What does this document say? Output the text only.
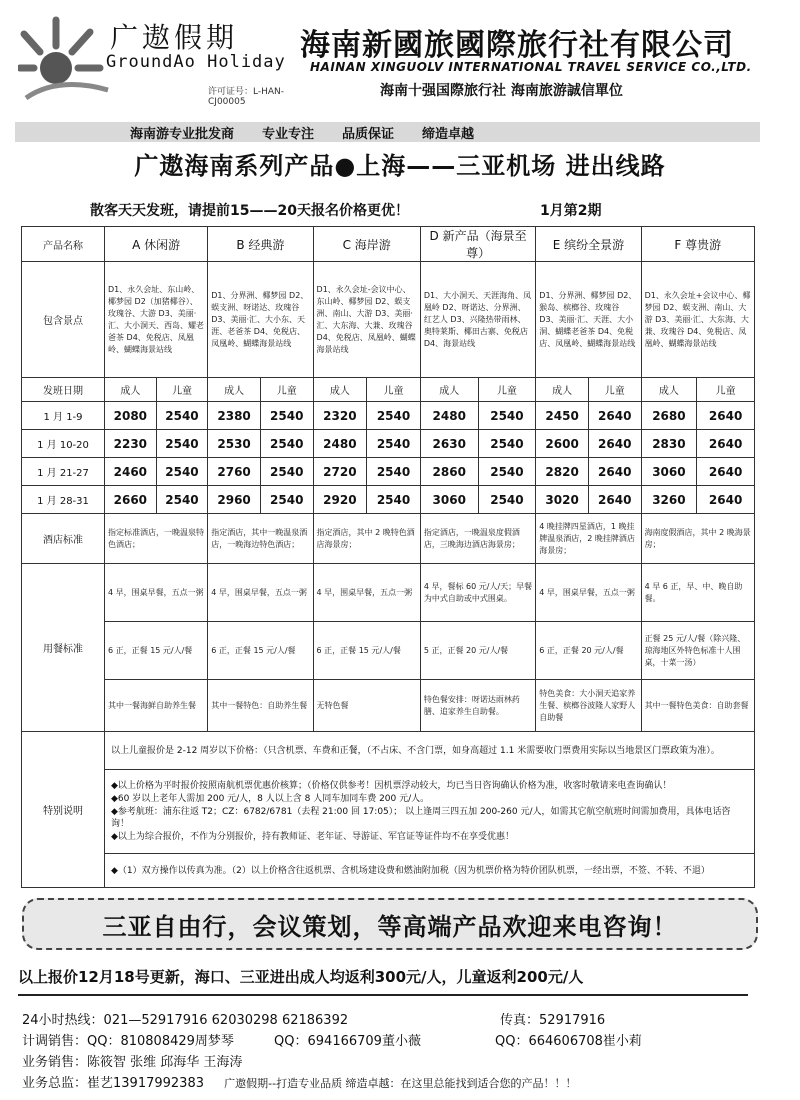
广遨假期
GroundAo Holiday
许可证号：L-HAN-CJ00005
海南新國旅國際旅行社有限公司
HAINAN XINGUOLV INTERNATIONAL TRAVEL SERVICE CO.,LTD.
海南十强国際旅行社 海南旅游誠信單位
海南游专业批发商 专业专注 品质保证 缔造卓越
广遨海南系列产品●上海——三亚机场 进出线路
散客天天发班，请提前15——20天报名价格更优！	1月第2期
产品名称	A 休闲游		B 经典游		C 海岸游		D 新产品（海景至尊）		E 缤纷全景游		F 尊贵游	
包含景点	D1、永久会址、东山岭、椰梦园 D2（加猪椰谷）、玫瑰谷、大游 D3、美丽·汇、大小洞天、西岛、耀老爸茶 D4、免税店、凤凰岭、蝴蝶海景站线		D1、分界洲、椰梦园 D2、蜈支洲、呀诺达、玫瑰谷 D3、美丽·汇、大小东、天涯、老爸茶 D4、免税店、凤凰岭、蝴蝶海景站线		D1、永久会址-会议中心、东山岭、椰梦园 D2、蜈支洲、南山、大游 D3、美丽·汇、大东海、大兼、玫瑰谷 D4、免税店、凤凰岭、蝴蝶海景站线		D1、大小洞天、天涯海角、凤凰岭 D2、呀诺达、分界洲、红艺人 D3、兴隆热带雨林、奥特莱斯、椰田古寨、免税店 D4、海景站线		D1、分界洲、椰梦园 D2、猴岛、槟榔谷、玫瑰谷 D3、美丽·汇、天涯、大小洞、蝴蝶老爸茶 D4、免税店、凤凰岭、蝴蝶海景站线		D1、永久会址+会议中心、椰梦园 D2、蜈支洲、南山、大游 D3、美丽·汇、大东海、大兼、玫瑰谷 D4、免税店、凤凰岭、蝴蝶海景站线	
发班日期	成人	儿童	成人	儿童	成人	儿童	成人	儿童	成人	儿童	成人	儿童
1 月 1-9	2080	2540	2380	2540	2320	2540	2480	2540	2450	2640	2680	2640
1 月 10-20	2230	2540	2530	2540	2480	2540	2630	2540	2600	2640	2830	2640
1 月 21-27	2460	2540	2760	2540	2720	2540	2860	2540	2820	2640	3060	2640
1 月 28-31	2660	2540	2960	2540	2920	2540	3060	2540	3020	2640	3260	2640
酒店标准	指定标准酒店，一晚温泉特色酒店；		指定酒店，其中一晚温泉酒店，一晚海边特色酒店；		指定酒店，其中 2 晚特色酒店海景房；		指定酒店，一晚温泉度假酒店，三晚海边酒店海景房；		4 晚挂牌四星酒店，1 晚挂牌温泉酒店，2 晚挂牌酒店海景房；		海南度假酒店，其中 2 晚海景房；	
用餐标准	4 早，围桌早餐，五点一粥		4 早，围桌早餐，五点一粥		4 早，围桌早餐，五点一粥		4 早，餐标 60 元/人/天；早餐为中式自助或中式围桌。		4 早，围桌早餐，五点一粥		4 早 6 正，早、中、晚自助餐。	
	6 正，正餐 15 元/人/餐		6 正，正餐 15 元/人/餐		6 正，正餐 15 元/人/餐		5 正，正餐 20 元/人/餐		6 正，正餐 20 元/人/餐		正餐 25 元/人/餐（除兴隆、琼海地区外特色标准十人围桌，十菜一汤）	
	其中一餐海鲜自助养生餐		其中一餐特色：自助养生餐		无特色餐		特色餐安排：呀诺达雨林药膳、追家养生自助餐。		特色美食：大小洞天追家养生餐、槟榔谷波隆人家野人自助餐		其中一餐特色美食：自助套餐	
特别说明	以上儿童报价是 2-12 周岁以下价格：（只含机票、车费和正餐，（不占床、不含门票，如身高超过 1.1 米需要收门票费用实际以当地景区门票政策为准）。											

	◆以上价格为平时报价按照南航机票优惠价核算；（价格仅供参考！因机票浮动较大，均已当日咨询确认价格为准，收客时敬请来电查询确认！
◆60 岁以上老年人需加 200 元/人，8 人以上含 8 人同车加同车费 200 元/人。
◆参考航班：浦东往返 T2；CZ：6782/6781（去程 21:00 回 17:05）； 以上逢周三四五加 200-260 元/人，如需其它航空航班时间需加费用，具体电话咨询！
◆以上为综合报价，不作为分别报价，持有教师证、老年证、导游证、军官证等证件均不在享受优惠！											

	◆（1）双方操作以传真为准。（2）以上价格含往返机票、含机场建设费和燃油附加税（因为机票价格为特价团队机票，一经出票，不签、不转、不退）											
三亚自由行，会议策划，等高端产品欢迎来电咨询！
以上报价12月18号更新，海口、三亚进出成人均返利300元/人，儿童返利200元/人
24小时热线：021—52917916 62030298 62186392	传真：52917916
计调销售：QQ：810808429周梦琴	QQ：694166709董小薇	QQ：664606708崔小莉
业务销售：陈筱智 张维 邱海华 王海涛
业务总监：崔艺13917992383 广遨假期--打造专业品质 缔造卓越：在这里总能找到适合您的产品！！！
